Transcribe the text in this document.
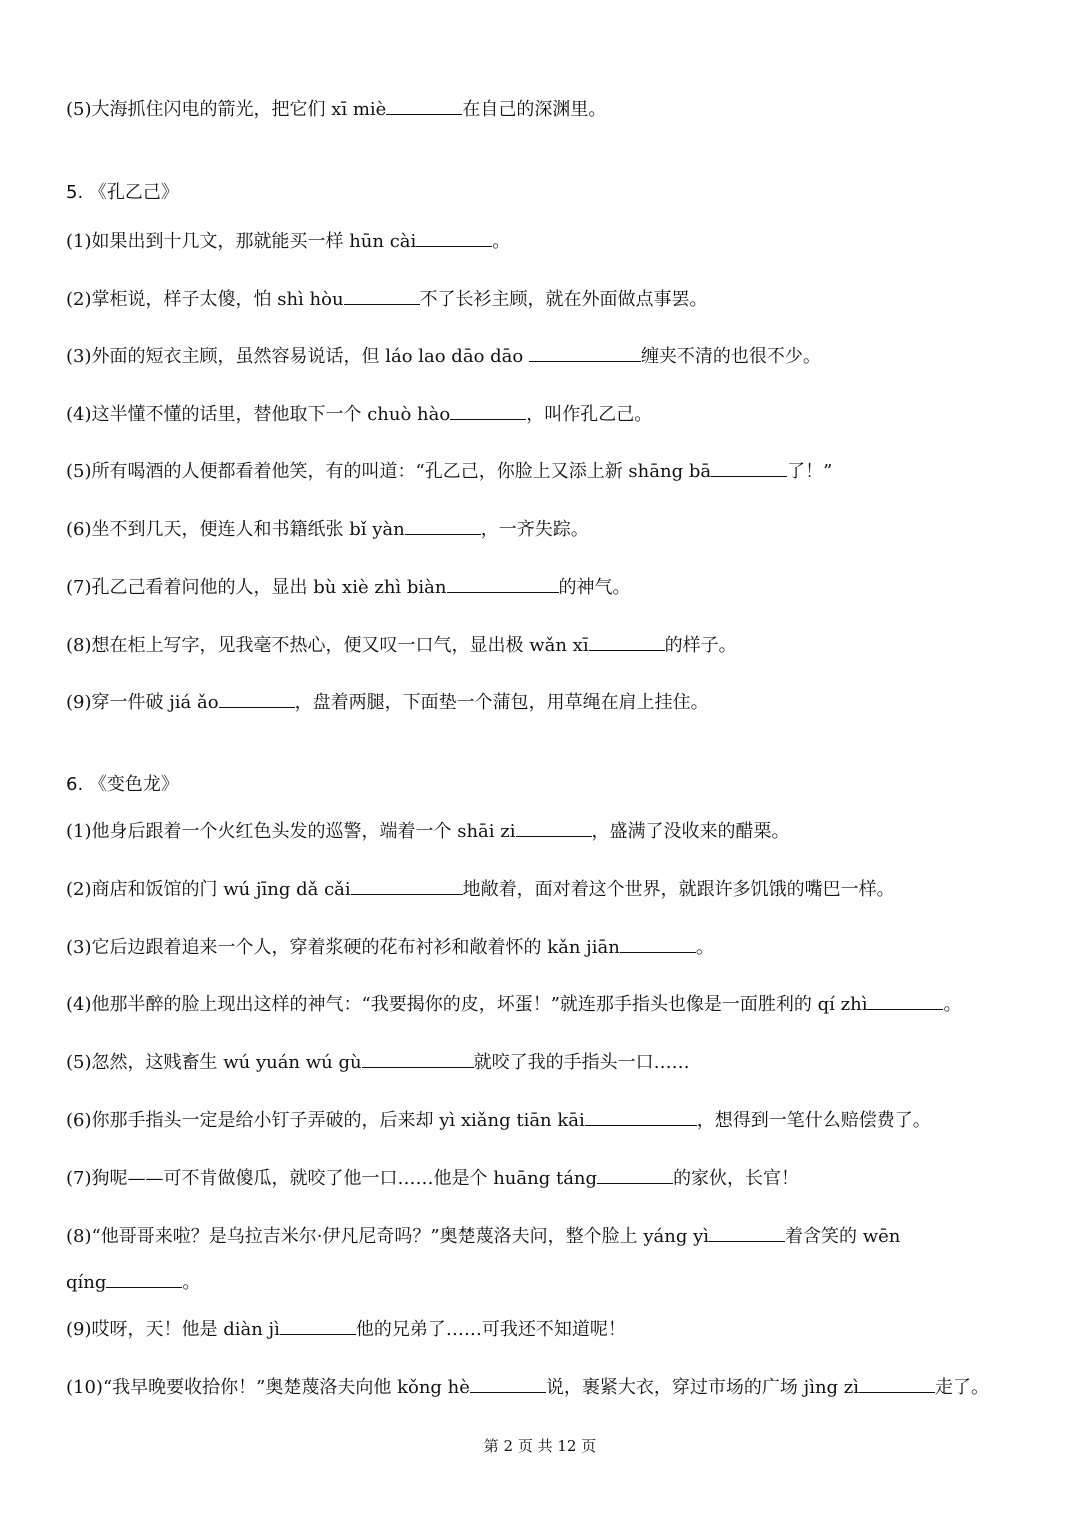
(5)大海抓住闪电的箭光，把它们 xī miè	在自己的深渊里。
5. 《孔乙己》
(1)如果出到十几文，那就能买一样 hūn cài	。
(2)掌柜说，样子太傻，怕 shì hòu	不了长衫主顾，就在外面做点事罢。
(3)外面的短衣主顾，虽然容易说话，但 láo lao dāo dāo	缠夹不清的也很不少。
(4)这半懂不懂的话里，替他取下一个 chuò hào	，叫作孔乙己。
(5)所有喝酒的人便都看着他笑，有的叫道：“孔乙己，你脸上又添上新 shāng bā	了！”
(6)坐不到几天，便连人和书籍纸张 bǐ yàn	，一齐失踪。
(7)孔乙己看着问他的人，显出 bù xiè zhì biàn	的神气。
(8)想在柜上写字，见我毫不热心，便又叹一口气，显出极 wǎn xī	的样子。
(9)穿一件破 jiá ǎo	，盘着两腿，下面垫一个蒲包，用草绳在肩上挂住。
6. 《变色龙》
(1)他身后跟着一个火红色头发的巡警，端着一个 shāi zi	，盛满了没收来的醋栗。
(2)商店和饭馆的门 wú jīng dǎ cǎi	地敞着，面对着这个世界，就跟许多饥饿的嘴巴一样。
(3)它后边跟着追来一个人，穿着浆硬的花布衬衫和敞着怀的 kǎn jiān	。
(4)他那半醉的脸上现出这样的神气：“我要揭你的皮，坏蛋！”就连那手指头也像是一面胜利的 qí zhì	。
(5)忽然，这贱畜生 wú yuán wú gù	就咬了我的手指头一口……
(6)你那手指头一定是给小钉子弄破的，后来却 yì xiǎng tiān kāi	，想得到一笔什么赔偿费了。
(7)狗呢——可不肯做傻瓜，就咬了他一口……他是个 huāng táng	的家伙，长官！
(8)“他哥哥来啦？是乌拉吉米尔·伊凡尼奇吗？”奥楚蔑洛夫问，整个脸上 yáng yì	着含笑的 wēn
qíng	。
(9)哎呀，天！他是 diàn jì	他的兄弟了……可我还不知道呢！
(10)“我早晚要收拾你！”奥楚蔑洛夫向他 kǒng hè	说，裹紧大衣，穿过市场的广场 jìng zì	走了。
第 2 页 共 12 页
